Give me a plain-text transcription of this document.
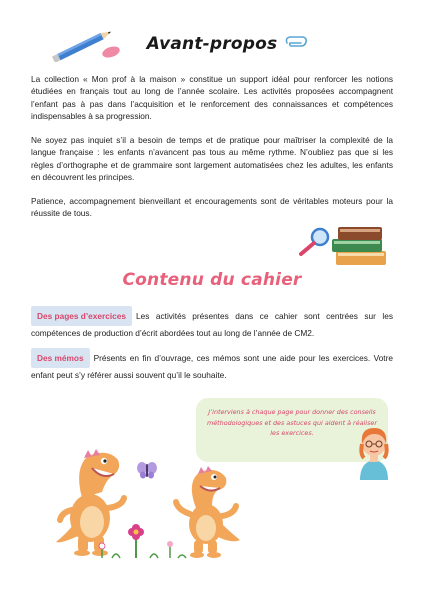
Avant-propos
La collection « Mon prof à la maison » constitue un support idéal pour renforcer les notions étudiées en français tout au long de l’année scolaire. Les activités proposées accompagnent l’enfant pas à pas dans l’acquisition et le renforcement des connaissances et compétences indispensables à sa progression.
Ne soyez pas inquiet s’il a besoin de temps et de pratique pour maîtriser la complexité de la langue française : les enfants n’avancent pas tous au même rythme. N’oubliez pas que si les règles d’orthographe et de grammaire sont largement automatisées chez les adultes, les enfants en découvrent les principes.
Patience, accompagnement bienveillant et encouragements sont de véritables moteurs pour la réussite de tous.
Contenu du cahier
Des pages d’exercices Les activités présentes dans ce cahier sont centrées sur les compétences de production d’écrit abordées tout au long de l’année de CM2.
Des mémos Présents en fin d’ouvrage, ces mémos sont une aide pour les exercices. Votre enfant peut s’y référer aussi souvent qu’il le souhaite.
J’interviens à chaque page pour donner des conseils méthodologiques et des astuces qui aident à réaliser les exercices.
